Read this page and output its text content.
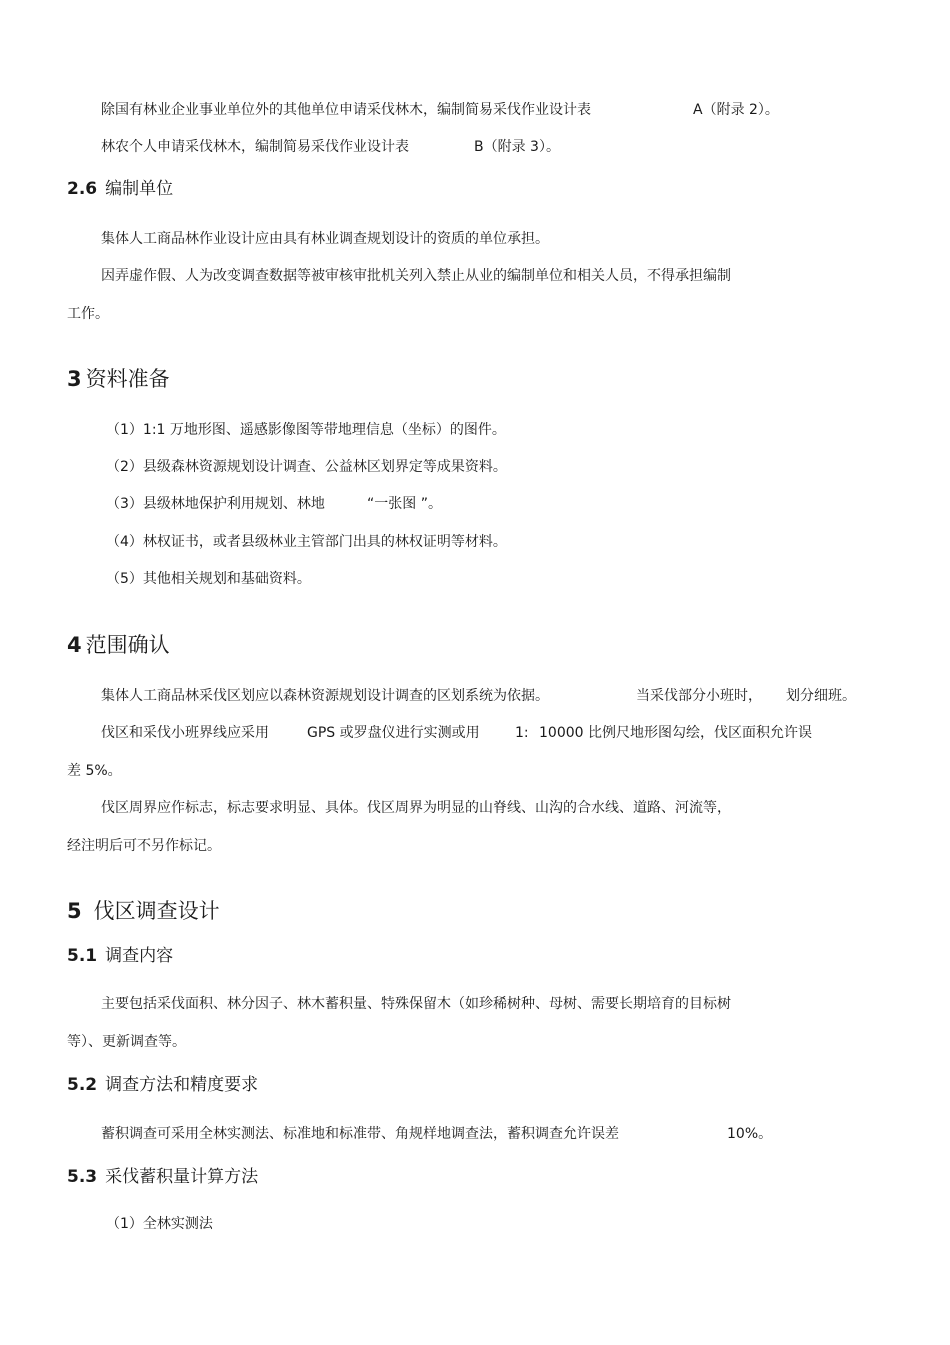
除国有林业企业事业单位外的其他单位申请采伐林木，编制简易采伐作业设计表	A（附录 2）。
林农个人申请采伐林木，编制简易采伐作业设计表	B（附录 3）。
2.6 编制单位
集体人工商品林作业设计应由具有林业调查规划设计的资质的单位承担。
因弄虚作假、人为改变调查数据等被审核审批机关列入禁止从业的编制单位和相关人员，不得承担编制
工作。
3 资料准备
（1）1:1 万地形图、遥感影像图等带地理信息（坐标）的图件。
（2）县级森林资源规划设计调查、公益林区划界定等成果资料。
（3）县级林地保护利用规划、林地	“一张图 ”。
（4）林权证书，或者县级林业主管部门出具的林权证明等材料。
（5）其他相关规划和基础资料。
4 范围确认
集体人工商品林采伐区划应以森林资源规划设计调查的区划系统为依据。	当采伐部分小班时， 划分细班。
伐区和采伐小班界线应采用	GPS 或罗盘仪进行实测或用	1: 10000 比例尺地形图勾绘，伐区面积允许误
差 5%。
伐区周界应作标志，标志要求明显、具体。伐区周界为明显的山脊线、山沟的合水线、道路、河流等，
经注明后可不另作标记。
5 伐区调查设计
5.1 调查内容
主要包括采伐面积、林分因子、林木蓄积量、特殊保留木（如珍稀树种、母树、需要长期培育的目标树
等）、更新调查等。
5.2 调查方法和精度要求
蓄积调查可采用全林实测法、标准地和标准带、角规样地调查法，蓄积调查允许误差	10%。
5.3 采伐蓄积量计算方法
（1）全林实测法
